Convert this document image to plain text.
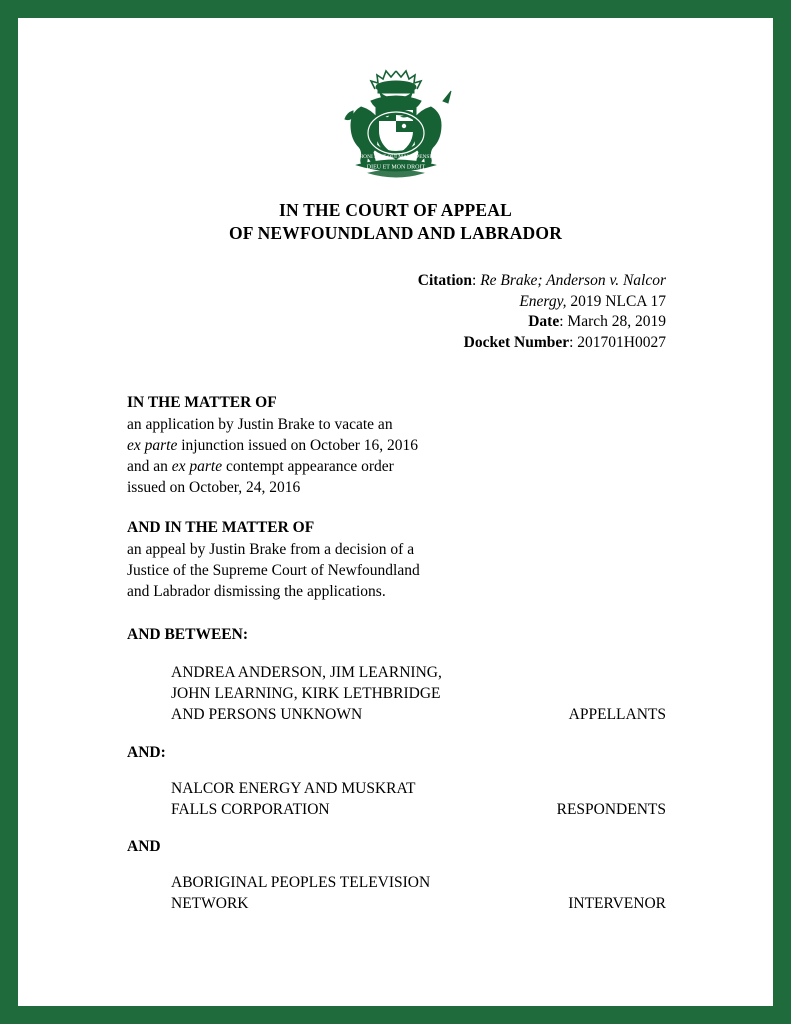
HONI SOIT QUI MAL Y PENSE
DIEU ET MON DROIT
IN THE COURT OF APPEAL
OF NEWFOUNDLAND AND LABRADOR
Citation: Re Brake; Anderson v. Nalcor
Energy, 2019 NLCA 17
Date: March 28, 2019
Docket Number: 201701H0027
IN THE MATTER OF

an application by Justin Brake to vacate an

ex parte injunction issued on October 16, 2016

and an ex parte contempt appearance order

issued on October, 24, 2016

AND IN THE MATTER OF

an appeal by Justin Brake from a decision of a

Justice of the Supreme Court of Newfoundland

and Labrador dismissing the applications.

AND BETWEEN:
ANDREA ANDERSON, JIM LEARNING,
JOHN LEARNING, KIRK LETHBRIDGE
AND PERSONS UNKNOWN	APPELLANTS
AND:
NALCOR ENERGY AND MUSKRAT
FALLS CORPORATION	RESPONDENTS
AND
ABORIGINAL PEOPLES TELEVISION
NETWORK	INTERVENOR
